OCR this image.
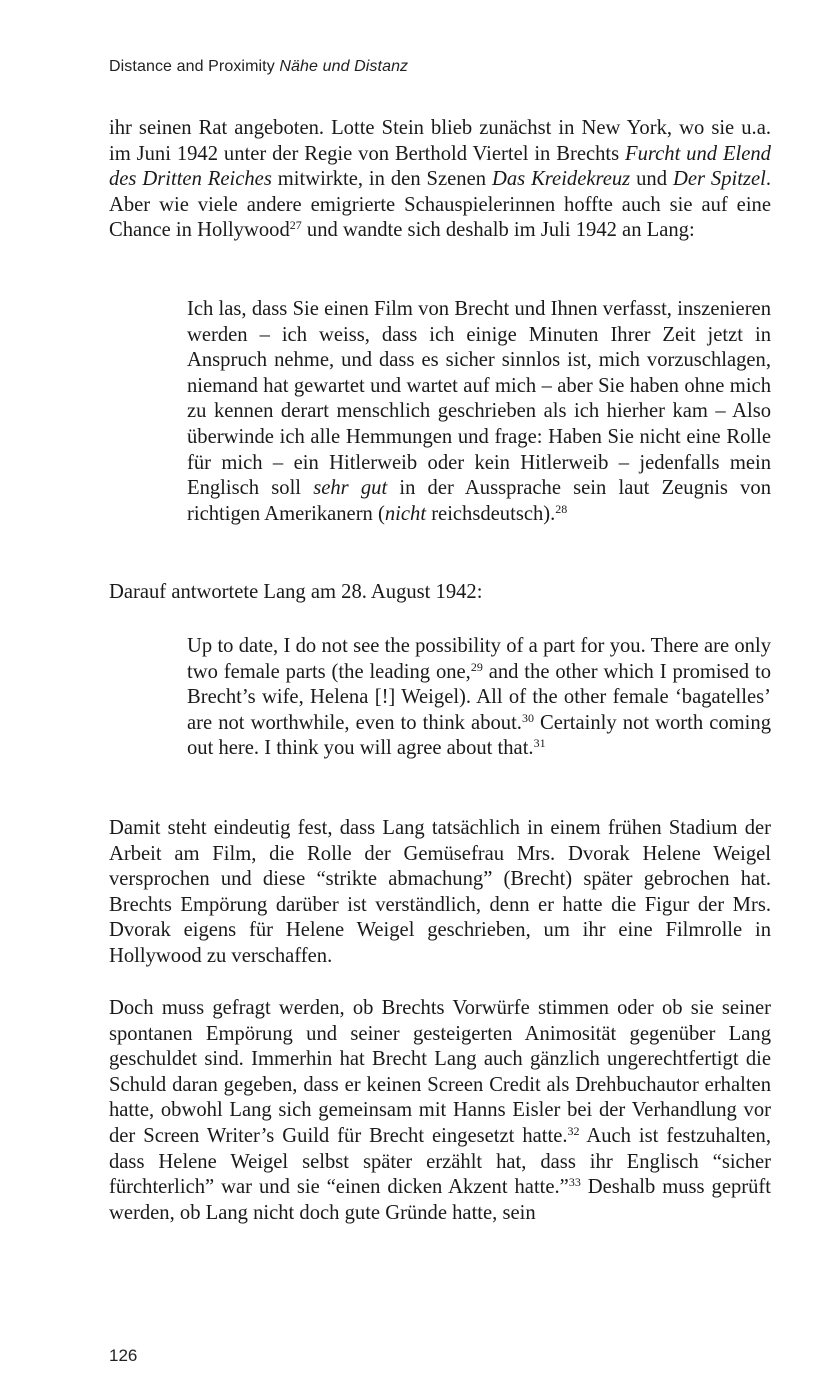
Distance and Proximity Nähe und Distanz

ihr seinen Rat angeboten. Lotte Stein blieb zunächst in New York, wo sie u.a. im Juni 1942 unter der Regie von Berthold Viertel in Brechts Furcht und Elend des Dritten Reiches mitwirkte, in den Szenen Das Kreidekreuz und Der Spitzel. Aber wie viele andere emigrierte Schauspielerinnen hoffte auch sie auf eine Chance in Hollywood$^{27}$ und wandte sich deshalb im Juli 1942 an Lang:

Ich las, dass Sie einen Film von Brecht und Ihnen verfasst, inszenieren werden – ich weiss, dass ich einige Minuten Ihrer Zeit jetzt in Anspruch nehme, und dass es sicher sinnlos ist, mich vorzuschlagen, niemand hat gewartet und wartet auf mich – aber Sie haben ohne mich zu kennen derart menschlich geschrieben als ich hierher kam – Also überwinde ich alle Hemmungen und frage: Haben Sie nicht eine Rolle für mich – ein Hitlerweib oder kein Hitlerweib – jedenfalls mein Englisch soll sehr gut in der Aussprache sein laut Zeugnis von richtigen Amerikanern (nicht reichsdeutsch).$^{28}$

Darauf antwortete Lang am 28. August 1942:

Up to date, I do not see the possibility of a part for you. There are only two female parts (the leading one,$^{29}$ and the other which I promised to Brecht’s wife, Helena [!] Weigel). All of the other female ‘bagatelles’ are not worthwhile, even to think about.$^{30}$ Certainly not worth coming out here. I think you will agree about that.$^{31}$

Damit steht eindeutig fest, dass Lang tatsächlich in einem frühen Stadium der Arbeit am Film, die Rolle der Gemüsefrau Mrs. Dvorak Helene Weigel versprochen und diese “strikte abmachung” (Brecht) später gebrochen hat. Brechts Empörung darüber ist verständlich, denn er hatte die Figur der Mrs. Dvorak eigens für Helene Weigel geschrieben, um ihr eine Filmrolle in Hollywood zu verschaffen.

Doch muss gefragt werden, ob Brechts Vorwürfe stimmen oder ob sie seiner spontanen Empörung und seiner gesteigerten Animosität gegenüber Lang geschuldet sind. Immerhin hat Brecht Lang auch gänzlich ungerechtfertigt die Schuld daran gegeben, dass er keinen Screen Credit als Drehbuchautor erhalten hatte, obwohl Lang sich gemeinsam mit Hanns Eisler bei der Verhandlung vor der Screen Writer’s Guild für Brecht eingesetzt hatte.$^{32}$ Auch ist festzuhalten, dass Helene Weigel selbst später erzählt hat, dass ihr Englisch “sicher fürchterlich” war und sie “einen dicken Akzent hatte.”$^{33}$ Deshalb muss geprüft werden, ob Lang nicht doch gute Gründe hatte, sein

126
